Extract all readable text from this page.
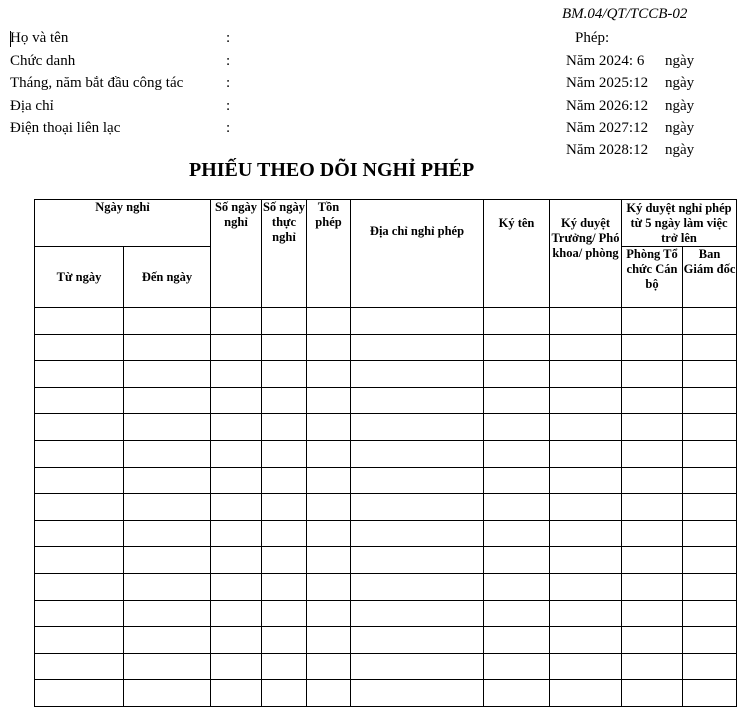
BM.04/QT/TCCB-02
Họ và tên	:
Chức danh	:
Tháng, năm bắt đầu công tác	:
Địa chỉ	:
Điện thoại liên lạc	:
Phép:
Năm 2024: 6 ngày
Năm 2025:12 ngày
Năm 2026:12 ngày
Năm 2027:12 ngày
Năm 2028:12 ngày
PHIẾU THEO DÕI NGHỈ PHÉP
Ngày nghỉ		Số ngày nghỉ	Số ngày thực nghỉ	Tồn phép	Địa chỉ nghỉ phép	Ký tên	Ký duyệt Trưởng/ Phó khoa/ phòng	Ký duyệt nghỉ phép từ 5 ngày làm việc trở lên	
Từ ngày	Đến ngày							Phòng Tổ chức Cán bộ	Ban Giám đốc
